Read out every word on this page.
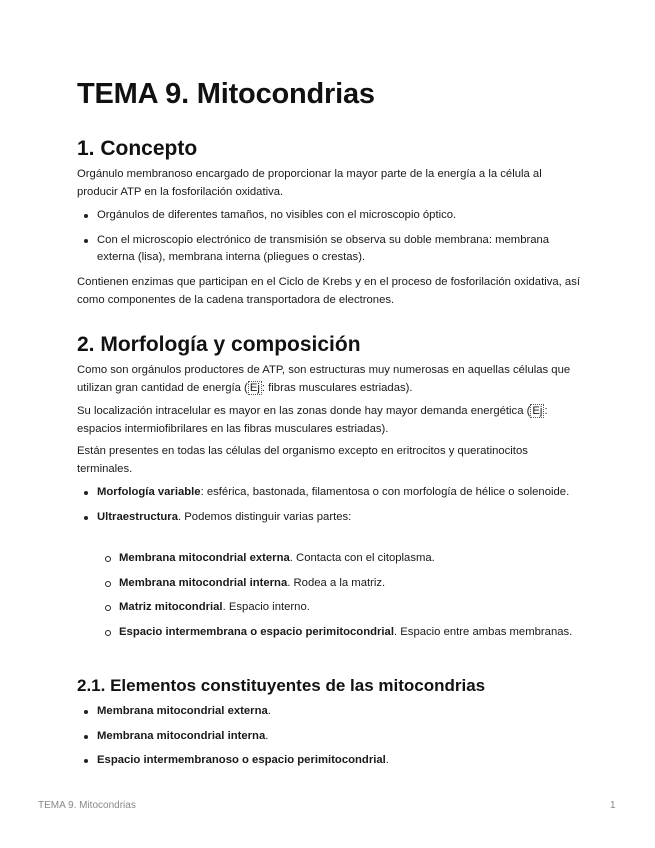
TEMA 9. Mitocondrias
1. Concepto

Orgánulo membranoso encargado de proporcionar la mayor parte de la energía a la célula al producir ATP en la fosforilación oxidativa.

Orgánulos de diferentes tamaños, no visibles con el microscopio óptico.
Con el microscopio electrónico de transmisión se observa su doble membrana: membrana externa (lisa), membrana interna (pliegues o crestas).

Contienen enzimas que participan en el Ciclo de Krebs y en el proceso de fosforilación oxidativa, así como componentes de la cadena transportadora de electrones.

2. Morfología y composición

Como son orgánulos productores de ATP, son estructuras muy numerosas en aquellas células que utilizan gran cantidad de energía ( Ej : fibras musculares estriadas).

Su localización intracelular es mayor en las zonas donde hay mayor demanda energética ( Ej : espacios intermiofibrilares en las fibras musculares estriadas).

Están presentes en todas las células del organismo excepto en eritrocitos y queratinocitos terminales.

Morfología variable: esférica, bastonada, filamentosa o con morfología de hélice o solenoide.
Ultraestructura. Podemos distinguir varias partes:
Membrana mitocondrial externa. Contacta con el citoplasma.
Membrana mitocondrial interna. Rodea a la matriz.
Matriz mitocondrial. Espacio interno.
Espacio intermembrana o espacio perimitocondrial. Espacio entre ambas membranas.
2.1. Elementos constituyentes de las mitocondrias
Membrana mitocondrial externa.
Membrana mitocondrial interna.
Espacio intermembranoso o espacio perimitocondrial.
TEMA 9. Mitocondrias	1
